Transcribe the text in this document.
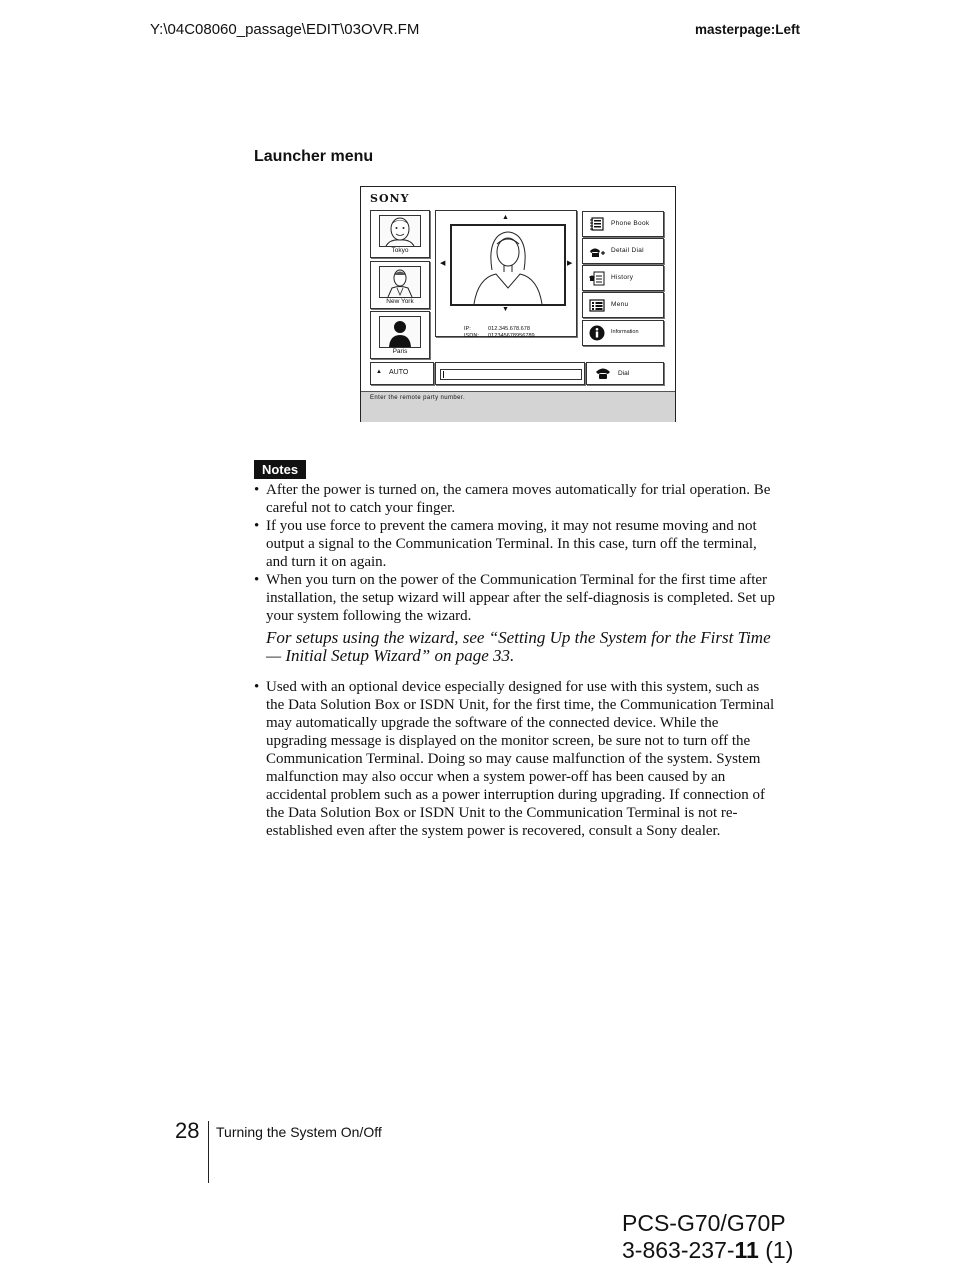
Y:\04C08060_passage\EDIT\03OVR.FM	masterpage:Left
Launcher menu
SONY
Tokyo
New York
Paris
▲
▼
◀	▶
IP:	012.345.678.678
ISDN: 012345678956789
Phone Book
Detail Dial
History
Menu
Information
▲ AUTO	Dial
Enter the remote party number.
Notes
• After the power is turned on, the camera moves automatically for trial operation. Be careful not to catch your finger.
• If you use force to prevent the camera moving, it may not resume moving and not output a signal to the Communication Terminal. In this case, turn off the terminal, and turn it on again.
• When you turn on the power of the Communication Terminal for the first time after installation, the setup wizard will appear after the self-diagnosis is completed. Set up your system following the wizard.
For setups using the wizard, see “Setting Up the System for the First Time — Initial Setup Wizard” on page 33.
• Used with an optional device especially designed for use with this system, such as the Data Solution Box or ISDN Unit, for the first time, the Communication Terminal may automatically upgrade the software of the connected device. While the upgrading message is displayed on the monitor screen, be sure not to turn off the Communication Terminal. Doing so may cause malfunction of the system. System malfunction may also occur when a system power-off has been caused by an accidental problem such as a power interruption during upgrading. If connection of the Data Solution Box or ISDN Unit to the Communication Terminal is not re-established even after the system power is recovered, consult a Sony dealer.
28 Turning the System On/Off
PCS-G70/G70P
3-863-237-11 (1)
